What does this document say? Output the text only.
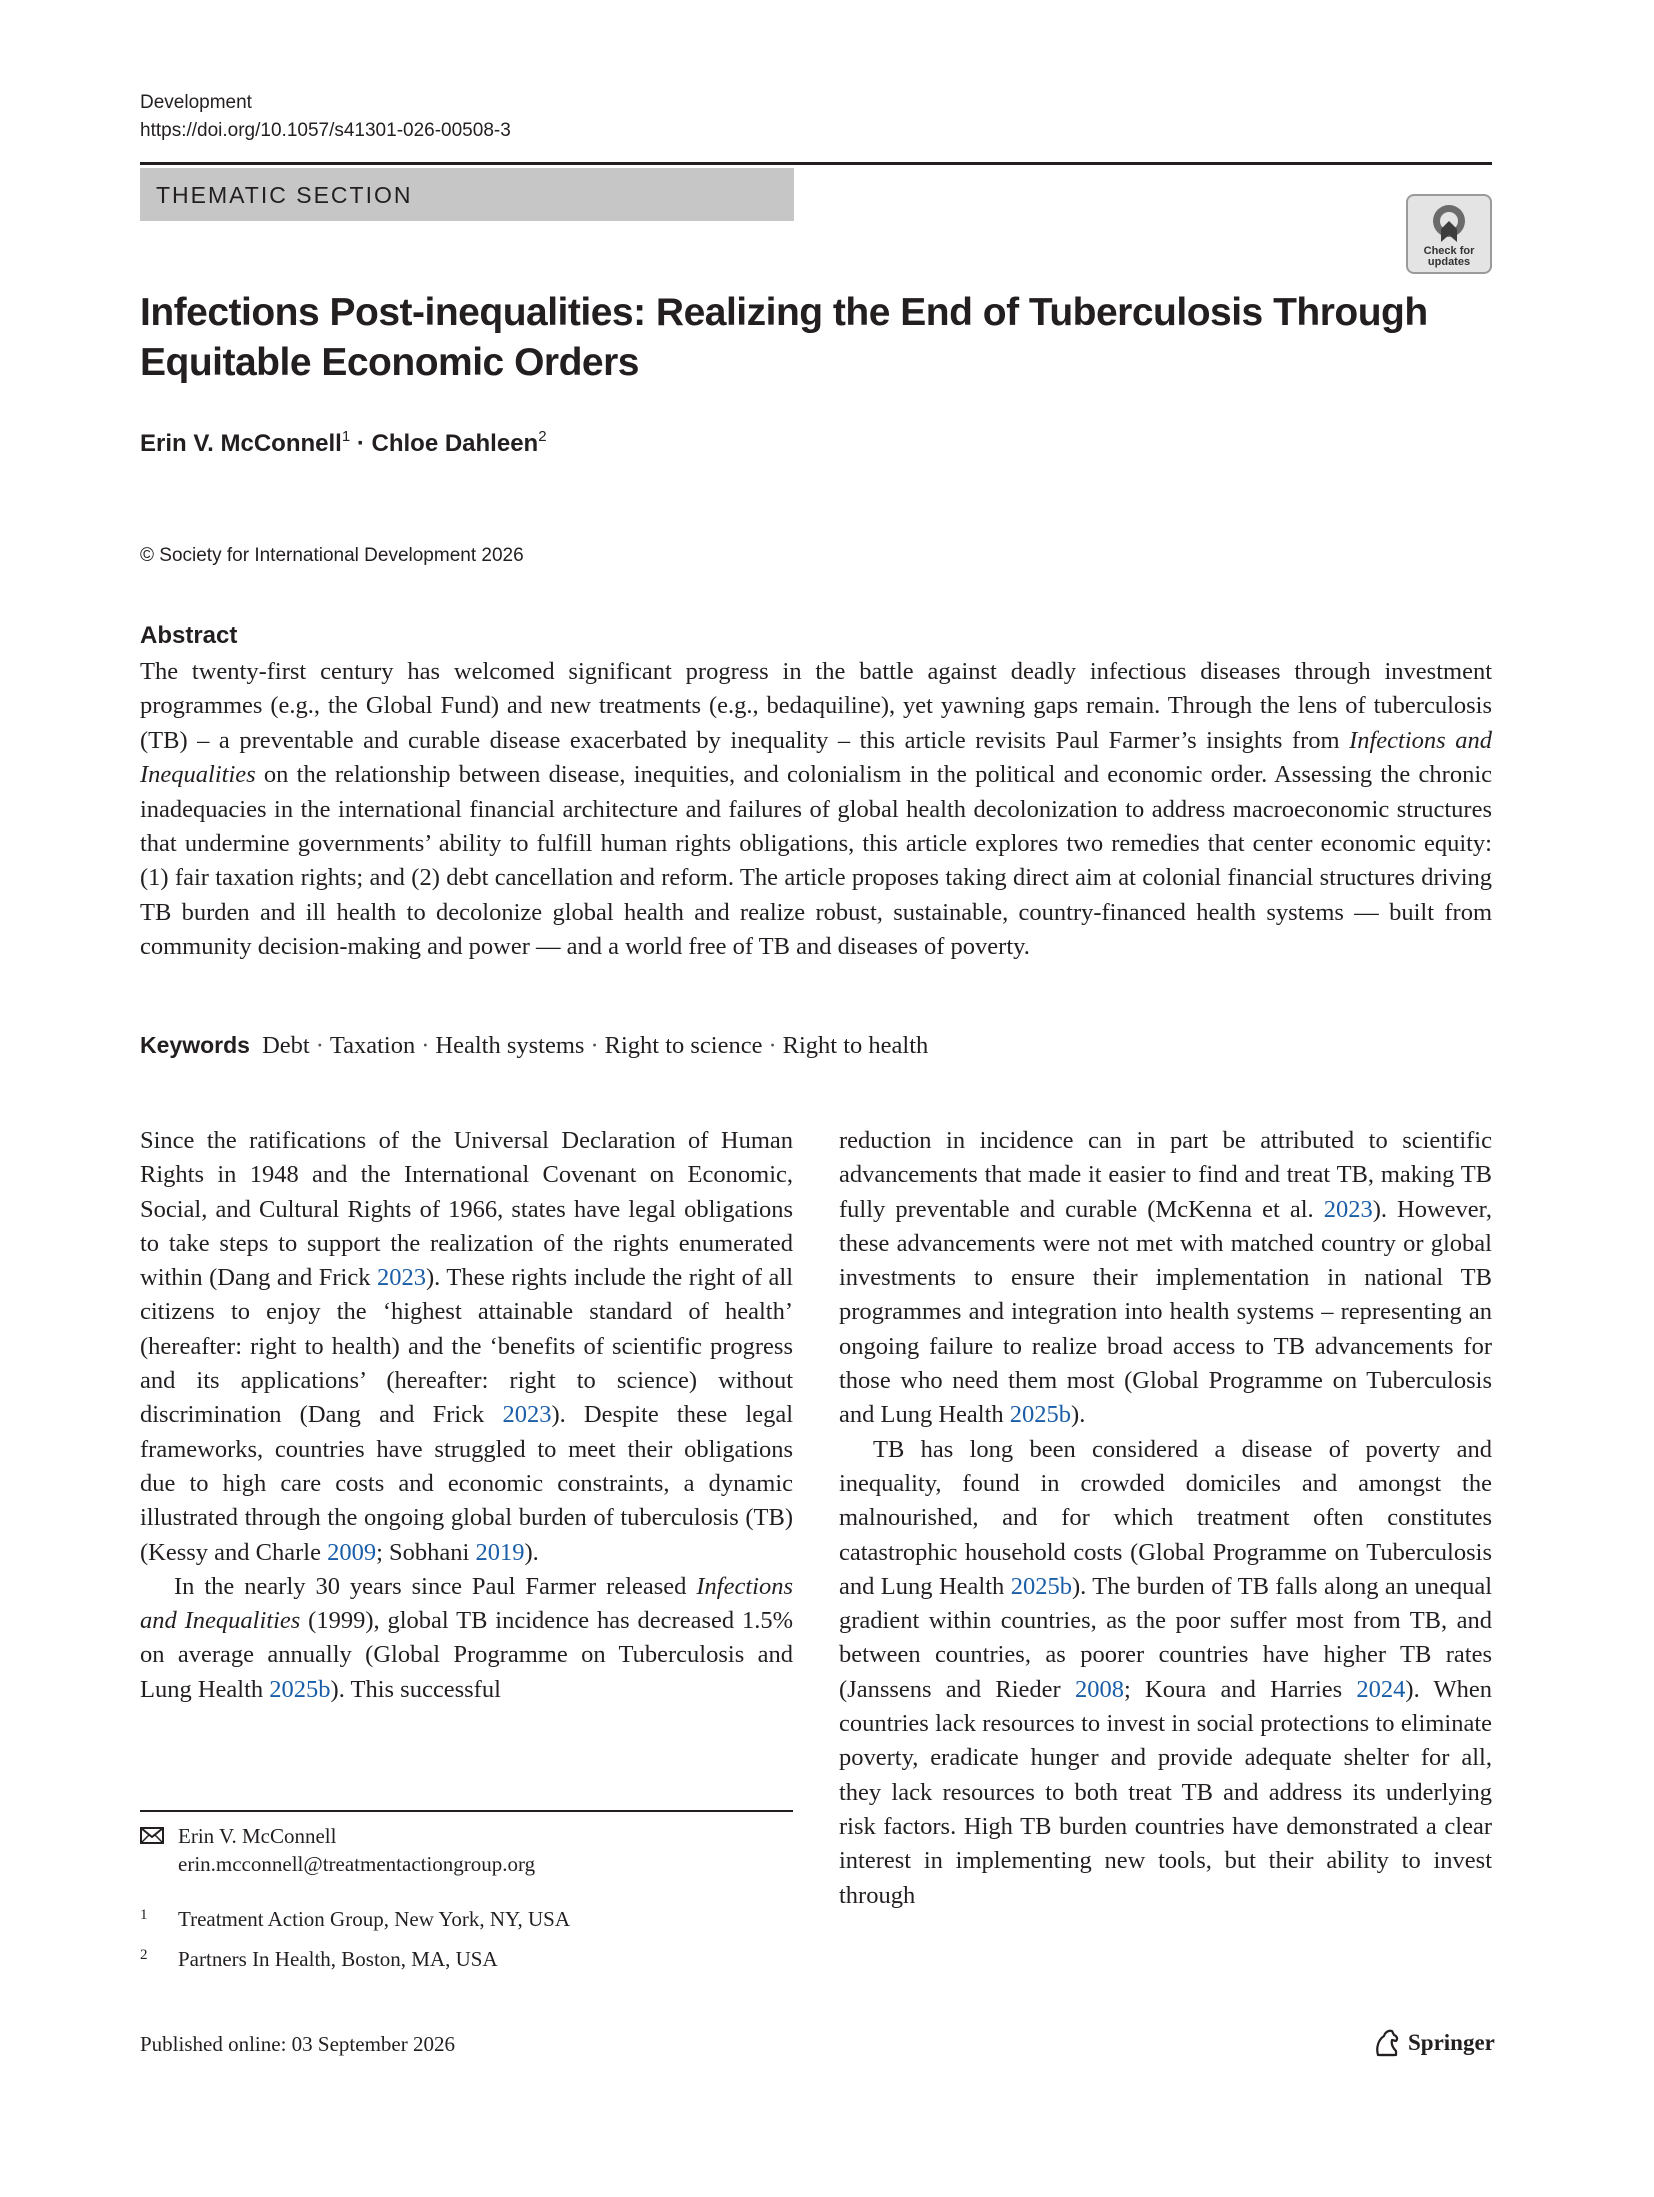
Development
https://doi.org/10.1057/s41301-026-00508-3
THEMATIC SECTION
Check for updates
Infections Post-inequalities: Realizing the End of Tuberculosis Through Equitable Economic Orders
Erin V. McConnell$^1$ · Chloe Dahleen$^2$
© Society for International Development 2026
Abstract

The twenty-first century has welcomed significant progress in the battle against deadly infectious diseases through investment programmes (e.g., the Global Fund) and new treatments (e.g., bedaquiline), yet yawning gaps remain. Through the lens of tuberculosis (TB) – a preventable and curable disease exacerbated by inequality – this article revisits Paul Farmer’s insights from Infections and Inequalities on the relationship between disease, inequities, and colonialism in the political and economic order. Assessing the chronic inadequacies in the international financial architecture and failures of global health decolonization to address macroeconomic structures that undermine governments’ ability to fulfill human rights obligations, this article explores two remedies that center economic equity: (1) fair taxation rights; and (2) debt cancellation and reform. The article proposes taking direct aim at colonial financial structures driving TB burden and ill health to decolonize global health and realize robust, sustainable, country-financed health systems — built from community decision-making and power — and a world free of TB and diseases of poverty.

Keywords Debt · Taxation · Health systems · Right to science · Right to health

Since the ratifications of the Universal Declaration of Human Rights in 1948 and the International Covenant on Economic, Social, and Cultural Rights of 1966, states have legal obligations to take steps to support the realization of the rights enumerated within (Dang and Frick 2023). These rights include the right of all citizens to enjoy the ‘highest attainable standard of health’ (hereafter: right to health) and the ‘benefits of scientific progress and its applications’ (hereafter: right to science) without discrimination (Dang and Frick 2023). Despite these legal frameworks, countries have struggled to meet their obligations due to high care costs and economic constraints, a dynamic illustrated through the ongoing global burden of tuberculosis (TB) (Kessy and Charle 2009; Sobhani 2019).

In the nearly 30 years since Paul Farmer released Infections and Inequalities (1999), global TB incidence has decreased 1.5% on average annually (Global Programme on Tuberculosis and Lung Health 2025b). This successful

reduction in incidence can in part be attributed to scientific advancements that made it easier to find and treat TB, making TB fully preventable and curable (McKenna et al. 2023). However, these advancements were not met with matched country or global investments to ensure their implementation in national TB programmes and integration into health systems – representing an ongoing failure to realize broad access to TB advancements for those who need them most (Global Programme on Tuberculosis and Lung Health 2025b).

TB has long been considered a disease of poverty and inequality, found in crowded domiciles and amongst the malnourished, and for which treatment often constitutes catastrophic household costs (Global Programme on Tuberculosis and Lung Health 2025b). The burden of TB falls along an unequal gradient within countries, as the poor suffer most from TB, and between countries, as poorer countries have higher TB rates (Janssens and Rieder 2008; Koura and Harries 2024). When countries lack resources to invest in social protections to eliminate poverty, eradicate hunger and provide adequate shelter for all, they lack resources to both treat TB and address its underlying risk factors. High TB burden countries have demonstrated a clear interest in implementing new tools, but their ability to invest through

Erin V. McConnell
erin.mcconnell@treatmentactiongroup.org
1 Treatment Action Group, New York, NY, USA
2 Partners In Health, Boston, MA, USA
Published online: 03 September 2026	Springer
